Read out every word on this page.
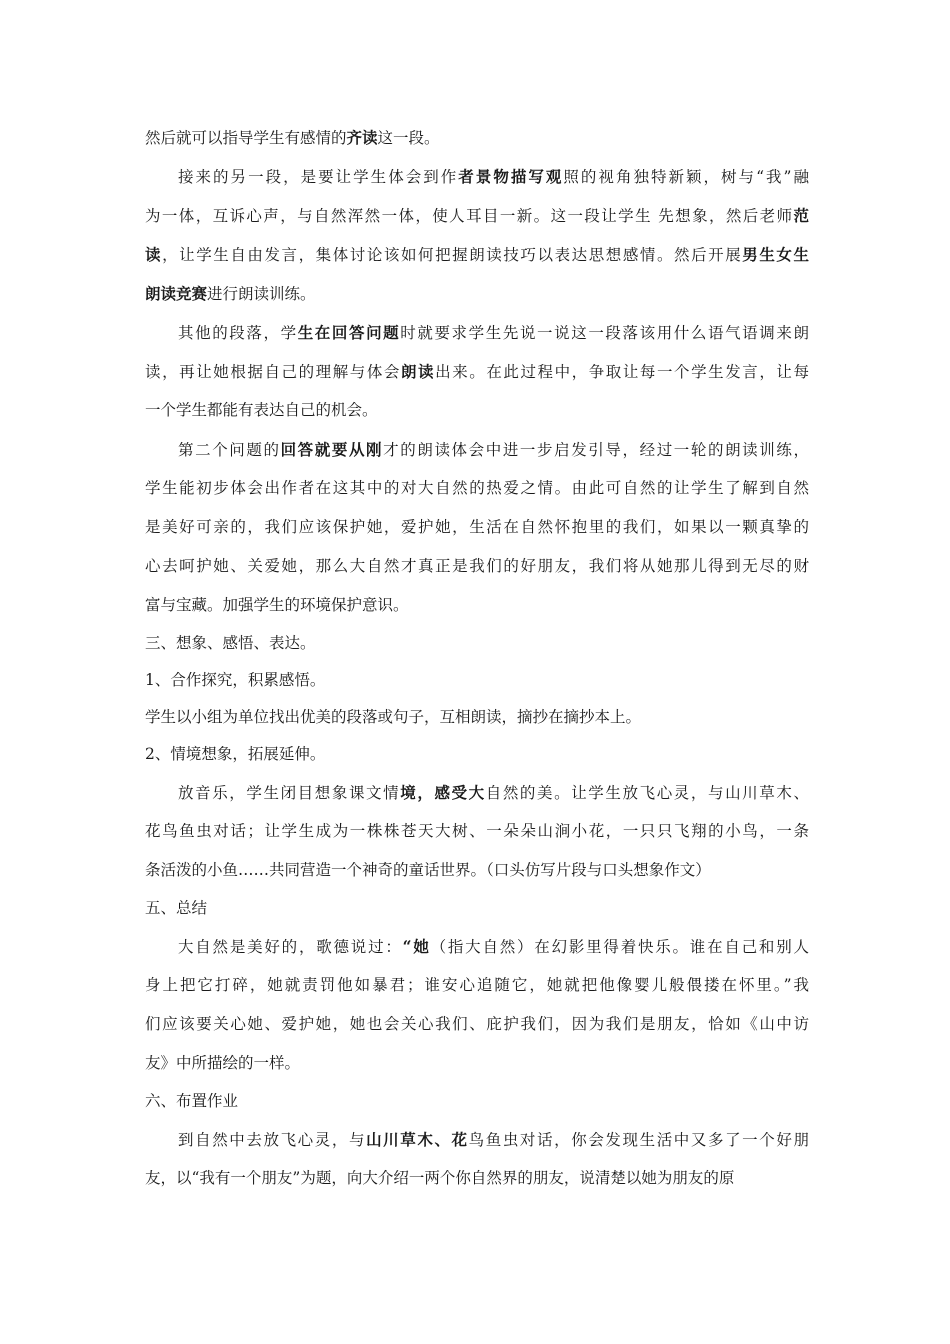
然后就可以指导学生有感情的齐读这一段。
接来的另一段，是要让学生体会到作者景物描写观照的视角独特新颖，树与“我”融
为一体，互诉心声，与自然浑然一体，使人耳目一新。这一段让学生 先想象，然后老师范
读，让学生自由发言，集体讨论该如何把握朗读技巧以表达思想感情。然后开展男生女生
朗读竞赛进行朗读训练。
其他的段落，学生在回答问题时就要求学生先说一说这一段落该用什么语气语调来朗
读，再让她根据自己的理解与体会朗读出来。在此过程中，争取让每一个学生发言，让每
一个学生都能有表达自己的机会。
第二个问题的回答就要从刚才的朗读体会中进一步启发引导，经过一轮的朗读训练，
学生能初步体会出作者在这其中的对大自然的热爱之情。由此可自然的让学生了解到自然
是美好可亲的，我们应该保护她，爱护她，生活在自然怀抱里的我们，如果以一颗真挚的
心去呵护她、关爱她，那么大自然才真正是我们的好朋友，我们将从她那儿得到无尽的财
富与宝藏。加强学生的环境保护意识。
三、想象、感悟、表达。
1、合作探究，积累感悟。
学生以小组为单位找出优美的段落或句子，互相朗读，摘抄在摘抄本上。
2、情境想象，拓展延伸。
放音乐，学生闭目想象课文情境，感受大自然的美。让学生放飞心灵，与山川草木、
花鸟鱼虫对话；让学生成为一株株苍天大树、一朵朵山涧小花，一只只飞翔的小鸟，一条
条活泼的小鱼……共同营造一个神奇的童话世界。（口头仿写片段与口头想象作文）
五、总结
大自然是美好的，歌德说过：“她（指大自然）在幻影里得着快乐。谁在自己和别人
身上把它打碎，她就责罚他如暴君；谁安心追随它，她就把他像婴儿般偎搂在怀里。”我
们应该要关心她、爱护她，她也会关心我们、庇护我们，因为我们是朋友，恰如《山中访
友》中所描绘的一样。
六、布置作业
到自然中去放飞心灵，与山川草木、花鸟鱼虫对话，你会发现生活中又多了一个好朋
友，以“我有一个朋友”为题，向大介绍一两个你自然界的朋友，说清楚以她为朋友的原
